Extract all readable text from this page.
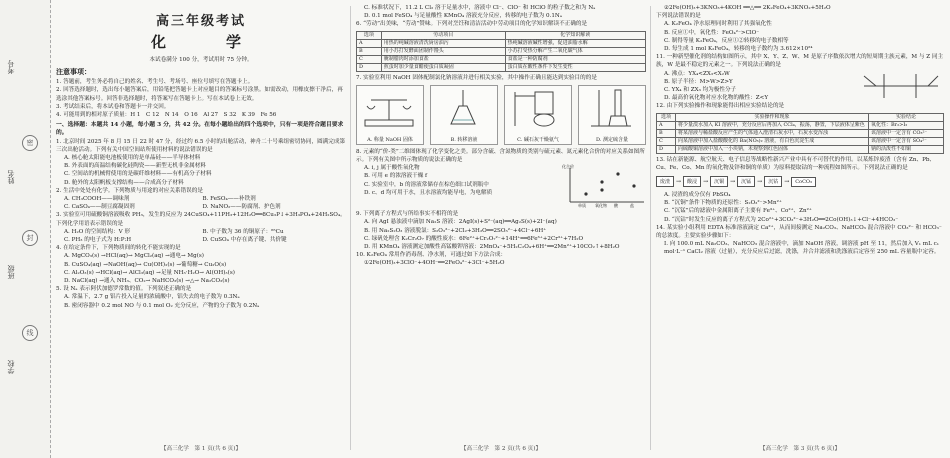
考号
姓名
班级
学校
密
封
线
高三年级考试
化　　学
本试卷满分 100 分，考试用时 75 分钟。
注意事项：
1. 答题前，考生务必将自己的姓名、考生号、考场号、座位号填写在答题卡上。
2. 回答选择题时，选出每小题答案后，用铅笔把答题卡上对应题目的答案标号涂黑。如需改动，用橡皮擦干净后，再选涂其他答案标号。回答非选择题时，将答案写在答题卡上。写在本试卷上无效。
3. 考试结束后，将本试卷和答题卡一并交回。
4. 可能用到的相对原子质量：H 1　C 12　N 14　O 16　Al 27　S 32　K 39　Fe 56
一、选择题：本题共 14 小题，每小题 3 分，共 42 分。在每小题给出的四个选项中，只有一项是符合题目要求的。

1. 北京时间 2025 年 8 月 15 日 22 时 47 分，经过约 6.5 小时的出舱活动，神舟二十号乘组密切协同，圆满完成第三次出舱活动。下列有关中国空间站所使用材料的说法错误的是

A. 核心舱太阳能电池板使用的是单晶硅——半导体材料

B. 外表面的高温结构碳化硅陶瓷——新型无机非金属材料

C. 空间站的机械臂使用的是碳纤维材料——有机高分子材料

D. 舱外的太阳帆板支撑结构——合成高分子材料

2. 生活中处处有化学。下列物质与用途的对应关系错误的是

A. CH₃COOH——调味剂	B. FeSO₄——补铁剂

C. CaSO₄——制豆腐凝固剂	D. NaNO₂——防腐剂、护色剂

3. 实验室可用硫酸铜溶液吸收 PH₃，发生的反应为 24CuSO₄+11PH₃+12H₂O══8Cu₃P↓+3H₃PO₄+24H₂SO₄。下列化学用语表示错误的是

A. H₂O 的空间结构：V 形	B. 中子数为 36 的铜原子：⁶⁵Cu

C. PH₃ 的电子式为 H:P:H	D. CuSO₄ 中存在离子键、共价键

4. 在给定条件下，下列物质间的转化不能实现的是

A. MgCO₃(s) →HCl(aq)→ MgCl₂(aq) →通电→ Mg(s)

B. CuSO₄(aq) →NaOH(aq)→ Cu(OH)₂(s) →葡萄糖→ Cu₂O(s)

C. Al₂O₃(s) →HCl(aq)→ AlCl₃(aq) →足量 NH₃·H₂O→ Al(OH)₃(s)

D. NaCl(aq) →通入 NH₃、CO₂→ NaHCO₃(s) →△→ Na₂CO₃(s)

5. 设 Nₐ 表示阿伏加德罗常数的值。下列叙述正确的是

A. 常温下，2.7 g 铝片投入足量的浓硫酸中，铝失去的电子数为 0.3Nₐ

B. 密闭容器中 0.2 mol NO 与 0.1 mol O₂ 充分反应，产物的分子数为 0.2Nₐ

【高三化学　第 1 页(共 6 页)】

C. 标准状况下，11.2 L Cl₂ 溶于足量水中，溶液中 Cl⁻、ClO⁻ 和 HClO 的粒子数之和为 Nₐ

D. 0.1 mol FeSO₄ 与足量酸性 KMnO₄ 溶液充分反应，转移的电子数为 0.1Nₐ

6. “劳动”出美味，“劳动”赞味。下列对烹饪和清洁活动中劳动项目的化学知识解读不正确的是

选项	劳动项目	化学知识解读
A	用热的纯碱溶液清洗厨房油污	热纯碱溶液碱性增强，促进油脂水解
B	用小苏打发酵面团制作馒头	小苏打受热分解产生二氧化碳气体
C	腌制腊肉时添加食盐	食盐是一种防腐剂
D	煎蛋时加少量食醋使蛋白质凝固	蛋白质在酸性条件下发生变性

7. 实验室利用 NaOH 固体配制氯化钠溶液并进行相关实验，其中操作正确且能达到实验目的的是

A. 称量 NaOH 固体	B. 转移溶液	C. 碱石灰干燥氨气	D. 测定硫含量

8. 元素的“价-类”二维图体现了化学变化之美。部分含硫、含氮物质的类别与硫元素、氮元素化合价的对应关系如图所示。下列有关图中所示物质的说法正确的是

A. i, j 属于酸性氧化物

B. 可用 e 的浓溶液干燥 f

C. 实验室中，b 的溶液常储存在棕色细口试剂瓶中

D. c、d 均可用于水，且水溶液均能导电，为电解质

化合价
单质 氧化物 酸	盐

9. 下列离子方程式与所给事实不相符的是

A. 向 AgI 悬浊液中滴加 Na₂S 溶液：2AgI(s)+S²⁻(aq)══Ag₂S(s)+2I⁻(aq)

B. 用 Na₂S₂O₃ 溶液脱氯：S₂O₃²⁻+2Cl₂+3H₂O══2SO₃²⁻+4Cl⁻+6H⁺

C. 绿矾处理含 K₂Cr₂O₇ 的酸性废水：6Fe²⁺+Cr₂O₇²⁻+14H⁺══6Fe³⁺+2Cr³⁺+7H₂O

D. 用 KMnO₄ 溶液测定加酸性高锰酸钾溶液：2MnO₄⁻+5H₂C₂O₄+6H⁺══2Mn²⁺+10CO₂↑+8H₂O

10. K₂FeO₄ 常用作消毒剂、净水剂，可通过如下方法合成：

①2Fe(OH)₃+3ClO⁻+4OH⁻══2FeO₄²⁻+3Cl⁻+5H₂O

【高三化学　第 2 页(共 6 页)】

②2Fe(OH)₃+3KNO₃+4KOH ══△══ 2K₂FeO₄+3KNO₂+5H₂O

下列说法错误的是

A. K₂FeO₄ 净水原理同时利用了其强氧化性

B. 反应①中，氧化性：FeO₄²⁻>ClO⁻

C. 制得等量 K₂FeO₄，反应①②转移的电子数相等

D. 每生成 1 mol K₂FeO₄，转移的电子数约为 3.612×10²⁴

11. 一种新型催化剂的结构如图所示，其中 X、Y、Z、W、M 是原子序数依次增大的短周期主族元素，M 与 Z 同主族，W 是最不稳定的元素之一。下列说法正确的是

A. 沸点：YX₄<ZX₃<X₂W

B. 原子半径：M>W>Z>Y

C. YX₄ 和 ZX₃ 均为极性分子

D. 最高价氧化物对应水化物的酸性：Z<Y

12. 由下列实验操作和现象能得出相应实验结论的是

选项	实验操作和现象	实验结论
A	将少量溴水加入 KI 溶液中，充分反应后再加入 CCl₄，振荡，静置，下层液体呈紫色	氧化性：Br₂>I₂
B	将某溶液与稀盐酸反应产生的气体通入澄清石灰水中，石灰水变浑浊	该溶液中一定含有 CO₃²⁻
C	向某溶液中加入盐酸酸化的 Ba(NO₃)₂ 溶液，有白色沉淀生成	该溶液中一定含有 SO₄²⁻
D	向硫酸铜溶液中加入一小块钠，未观察到红色固体	钠的活泼性不如铜

13. 钴在新能源、航空航天、电子信息等战略性新兴产业中具有不可替代的作用。以某炼锌废渣（含有 Zn、Pb、Cu、Fe、Co、Mn 的氧化物及锌和铜的单质）为原料提取钴的一种流程如图所示。下列说法正确的是

废渣	→	酸浸	→	沉铜	→	沉锰	→	沉钴	→	CoCO₃

A. 浸渣的成分仅有 PbSO₄

B. “沉铜”条件下物质的还原性：S₂O₃²⁻>Mn²⁺

C. “沉锰”后的滤液中金属阳离子主要有 Fe³⁺、Co²⁺、Zn²⁺

D. “沉钴”时发生反应的离子方程式为 2Co²⁺+3CO₃²⁻+3H₂O══2Co(OH)₃↓+Cl⁻+4HCO₃⁻

14. 某实验小组利用 EDTA 标准溶液滴定 Ca²⁺，从而间接测定 Na₂CO₃、NaHCO₃ 混合溶液中 CO₃²⁻ 和 HCO₃⁻ 的总浓度。主要实验步骤如下：

Ⅰ. 向 100.0 mL Na₂CO₃、NaHCO₃ 混合溶液中，滴加 NaOH 溶液，调溶液 pH 至 11，然后加入 V₁ mL c₁ mol·L⁻¹ CaCl₂ 溶液（过量），充分反应后过滤，洗涤，并合并滤液和洗涤液后定容至 250 mL 容量瓶中定容。

【高三化学　第 3 页(共 6 页)】
